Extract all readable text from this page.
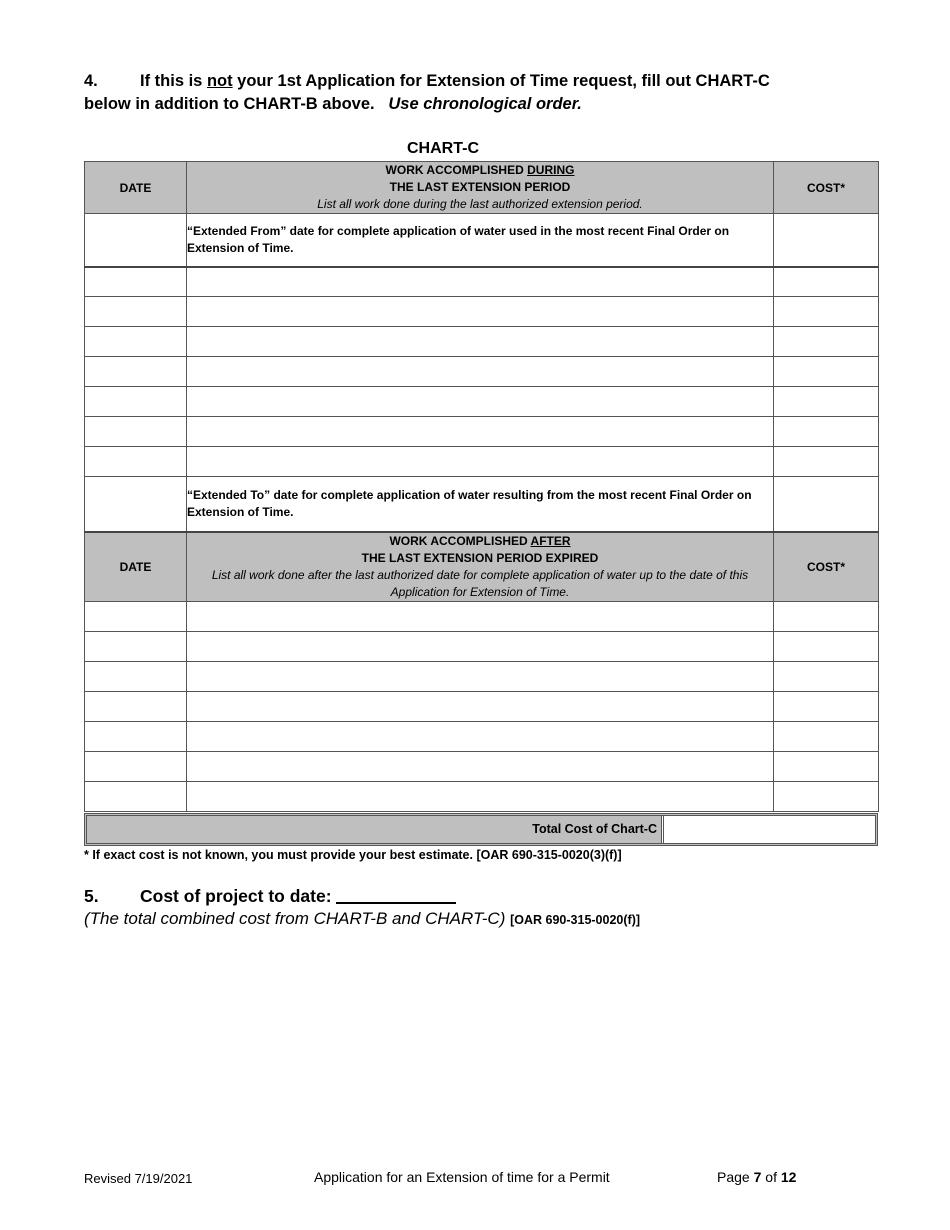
4.	If this is not your 1st Application for Extension of Time request, fill out CHART-C
below in addition to CHART-B above. Use chronological order.
CHART-C
DATE	WORK ACCOMPLISHED DURING
THE LAST EXTENSION PERIOD
List all work done during the last authorized extension period.	COST*
	“Extended From” date for complete application of water used in the most recent Final Order on Extension of Time.	

	“Extended To” date for complete application of water resulting from the most recent Final Order on Extension of Time.	
DATE	WORK ACCOMPLISHED AFTER
THE LAST EXTENSION PERIOD EXPIRED
List all work done after the last authorized date for complete application of water up to the date of this Application for Extension of Time.	COST*

Total Cost of Chart-C
* If exact cost is not known, you must provide your best estimate. [OAR 690-315-0020(3)(f)]
5. Cost of project to date:
(The total combined cost from CHART-B and CHART-C) [OAR 690-315-0020(f)]
Revised 7/19/2021	Application for an Extension of time for a Permit	Page 7 of 12
